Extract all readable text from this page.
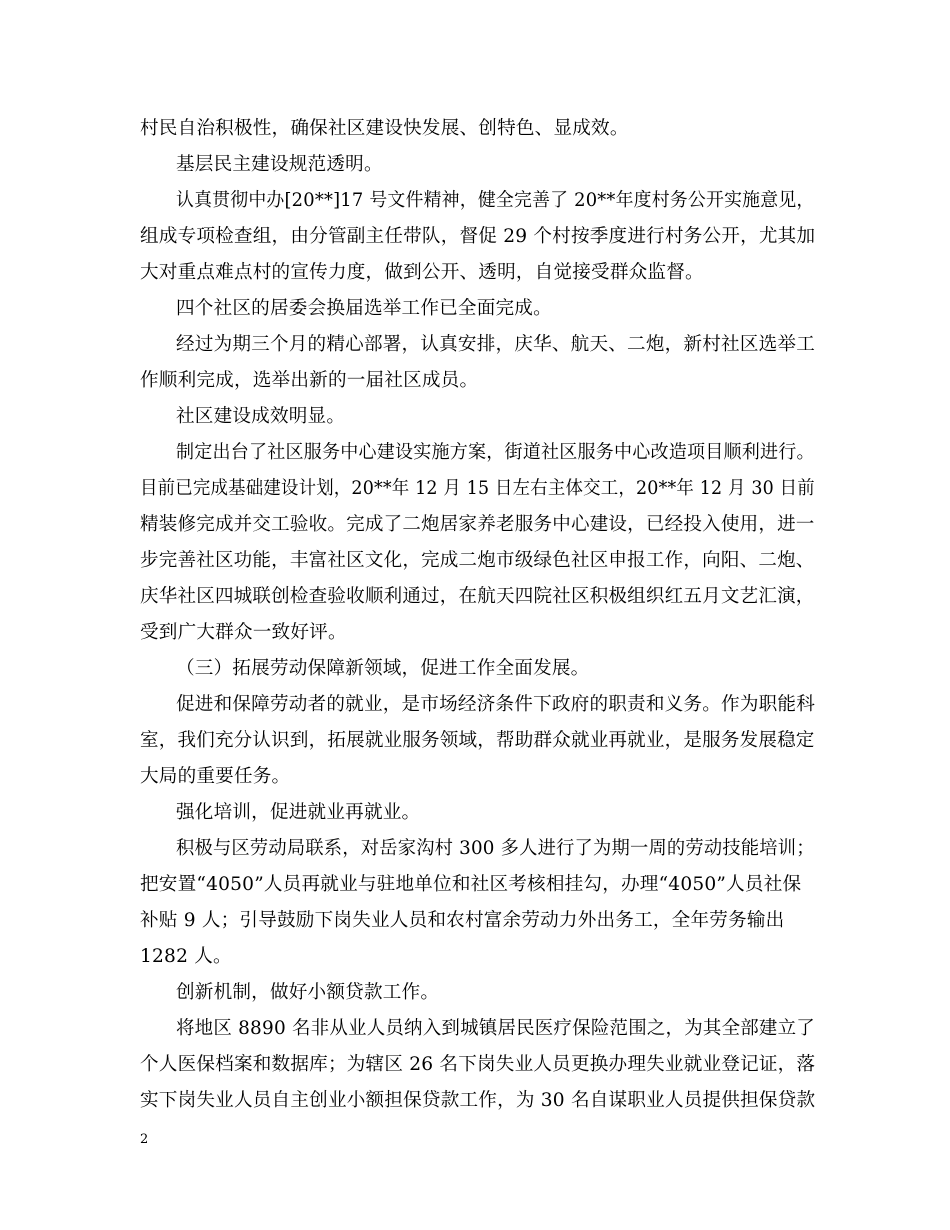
村民自治积极性，确保社区建设快发展、创特色、显成效。
基层民主建设规范透明。
认真贯彻中办[20**]17 号文件精神，健全完善了 20**年度村务公开实施意见，
组成专项检查组，由分管副主任带队，督促 29 个村按季度进行村务公开，尤其加
大对重点难点村的宣传力度，做到公开、透明，自觉接受群众监督。
四个社区的居委会换届选举工作已全面完成。
经过为期三个月的精心部署，认真安排，庆华、航天、二炮，新村社区选举工
作顺利完成，选举出新的一届社区成员。
社区建设成效明显。
制定出台了社区服务中心建设实施方案，街道社区服务中心改造项目顺利进行。
目前已完成基础建设计划，20**年 12 月 15 日左右主体交工，20**年 12 月 30 日前
精装修完成并交工验收。完成了二炮居家养老服务中心建设，已经投入使用，进一
步完善社区功能，丰富社区文化，完成二炮市级绿色社区申报工作，向阳、二炮、
庆华社区四城联创检查验收顺利通过，在航天四院社区积极组织红五月文艺汇演，
受到广大群众一致好评。
（三）拓展劳动保障新领域，促进工作全面发展。
促进和保障劳动者的就业，是市场经济条件下政府的职责和义务。作为职能科
室，我们充分认识到，拓展就业服务领域，帮助群众就业再就业，是服务发展稳定
大局的重要任务。
强化培训，促进就业再就业。
积极与区劳动局联系，对岳家沟村 300 多人进行了为期一周的劳动技能培训；
把安置“4050”人员再就业与驻地单位和社区考核相挂勾，办理“4050”人员社保
补贴 9 人；引导鼓励下岗失业人员和农村富余劳动力外出务工，全年劳务输出
1282 人。
创新机制，做好小额贷款工作。
将地区 8890 名非从业人员纳入到城镇居民医疗保险范围之，为其全部建立了
个人医保档案和数据库；为辖区 26 名下岗失业人员更换办理失业就业登记证，落
实下岗失业人员自主创业小额担保贷款工作，为 30 名自谋职业人员提供担保贷款
2
